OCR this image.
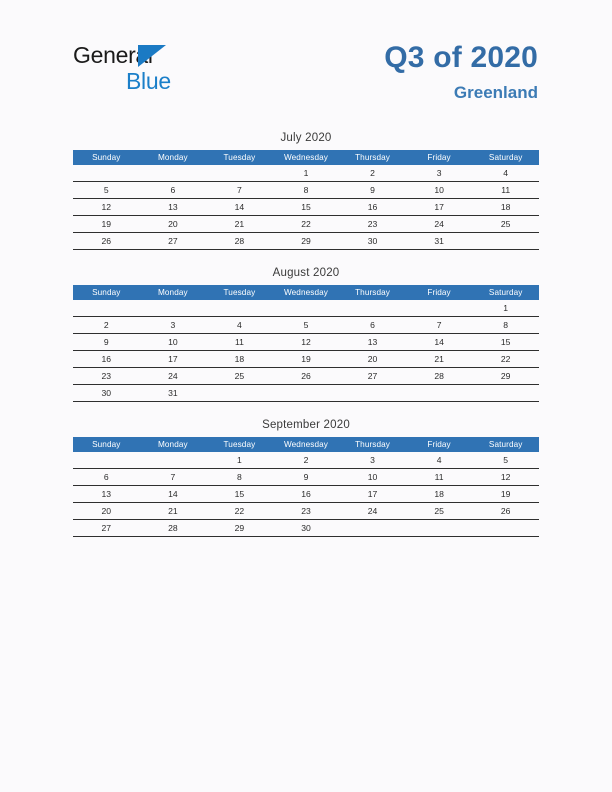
General
Blue
Q3 of 2020
Greenland
July 2020
Sunday	Monday	Tuesday	Wednesday	Thursday	Friday	Saturday
			1	2	3	4
5	6	7	8	9	10	11
12	13	14	15	16	17	18
19	20	21	22	23	24	25
26	27	28	29	30	31	
August 2020
Sunday	Monday	Tuesday	Wednesday	Thursday	Friday	Saturday
						1
2	3	4	5	6	7	8
9	10	11	12	13	14	15
16	17	18	19	20	21	22
23	24	25	26	27	28	29
30	31					
September 2020
Sunday	Monday	Tuesday	Wednesday	Thursday	Friday	Saturday
		1	2	3	4	5
6	7	8	9	10	11	12
13	14	15	16	17	18	19
20	21	22	23	24	25	26
27	28	29	30			
